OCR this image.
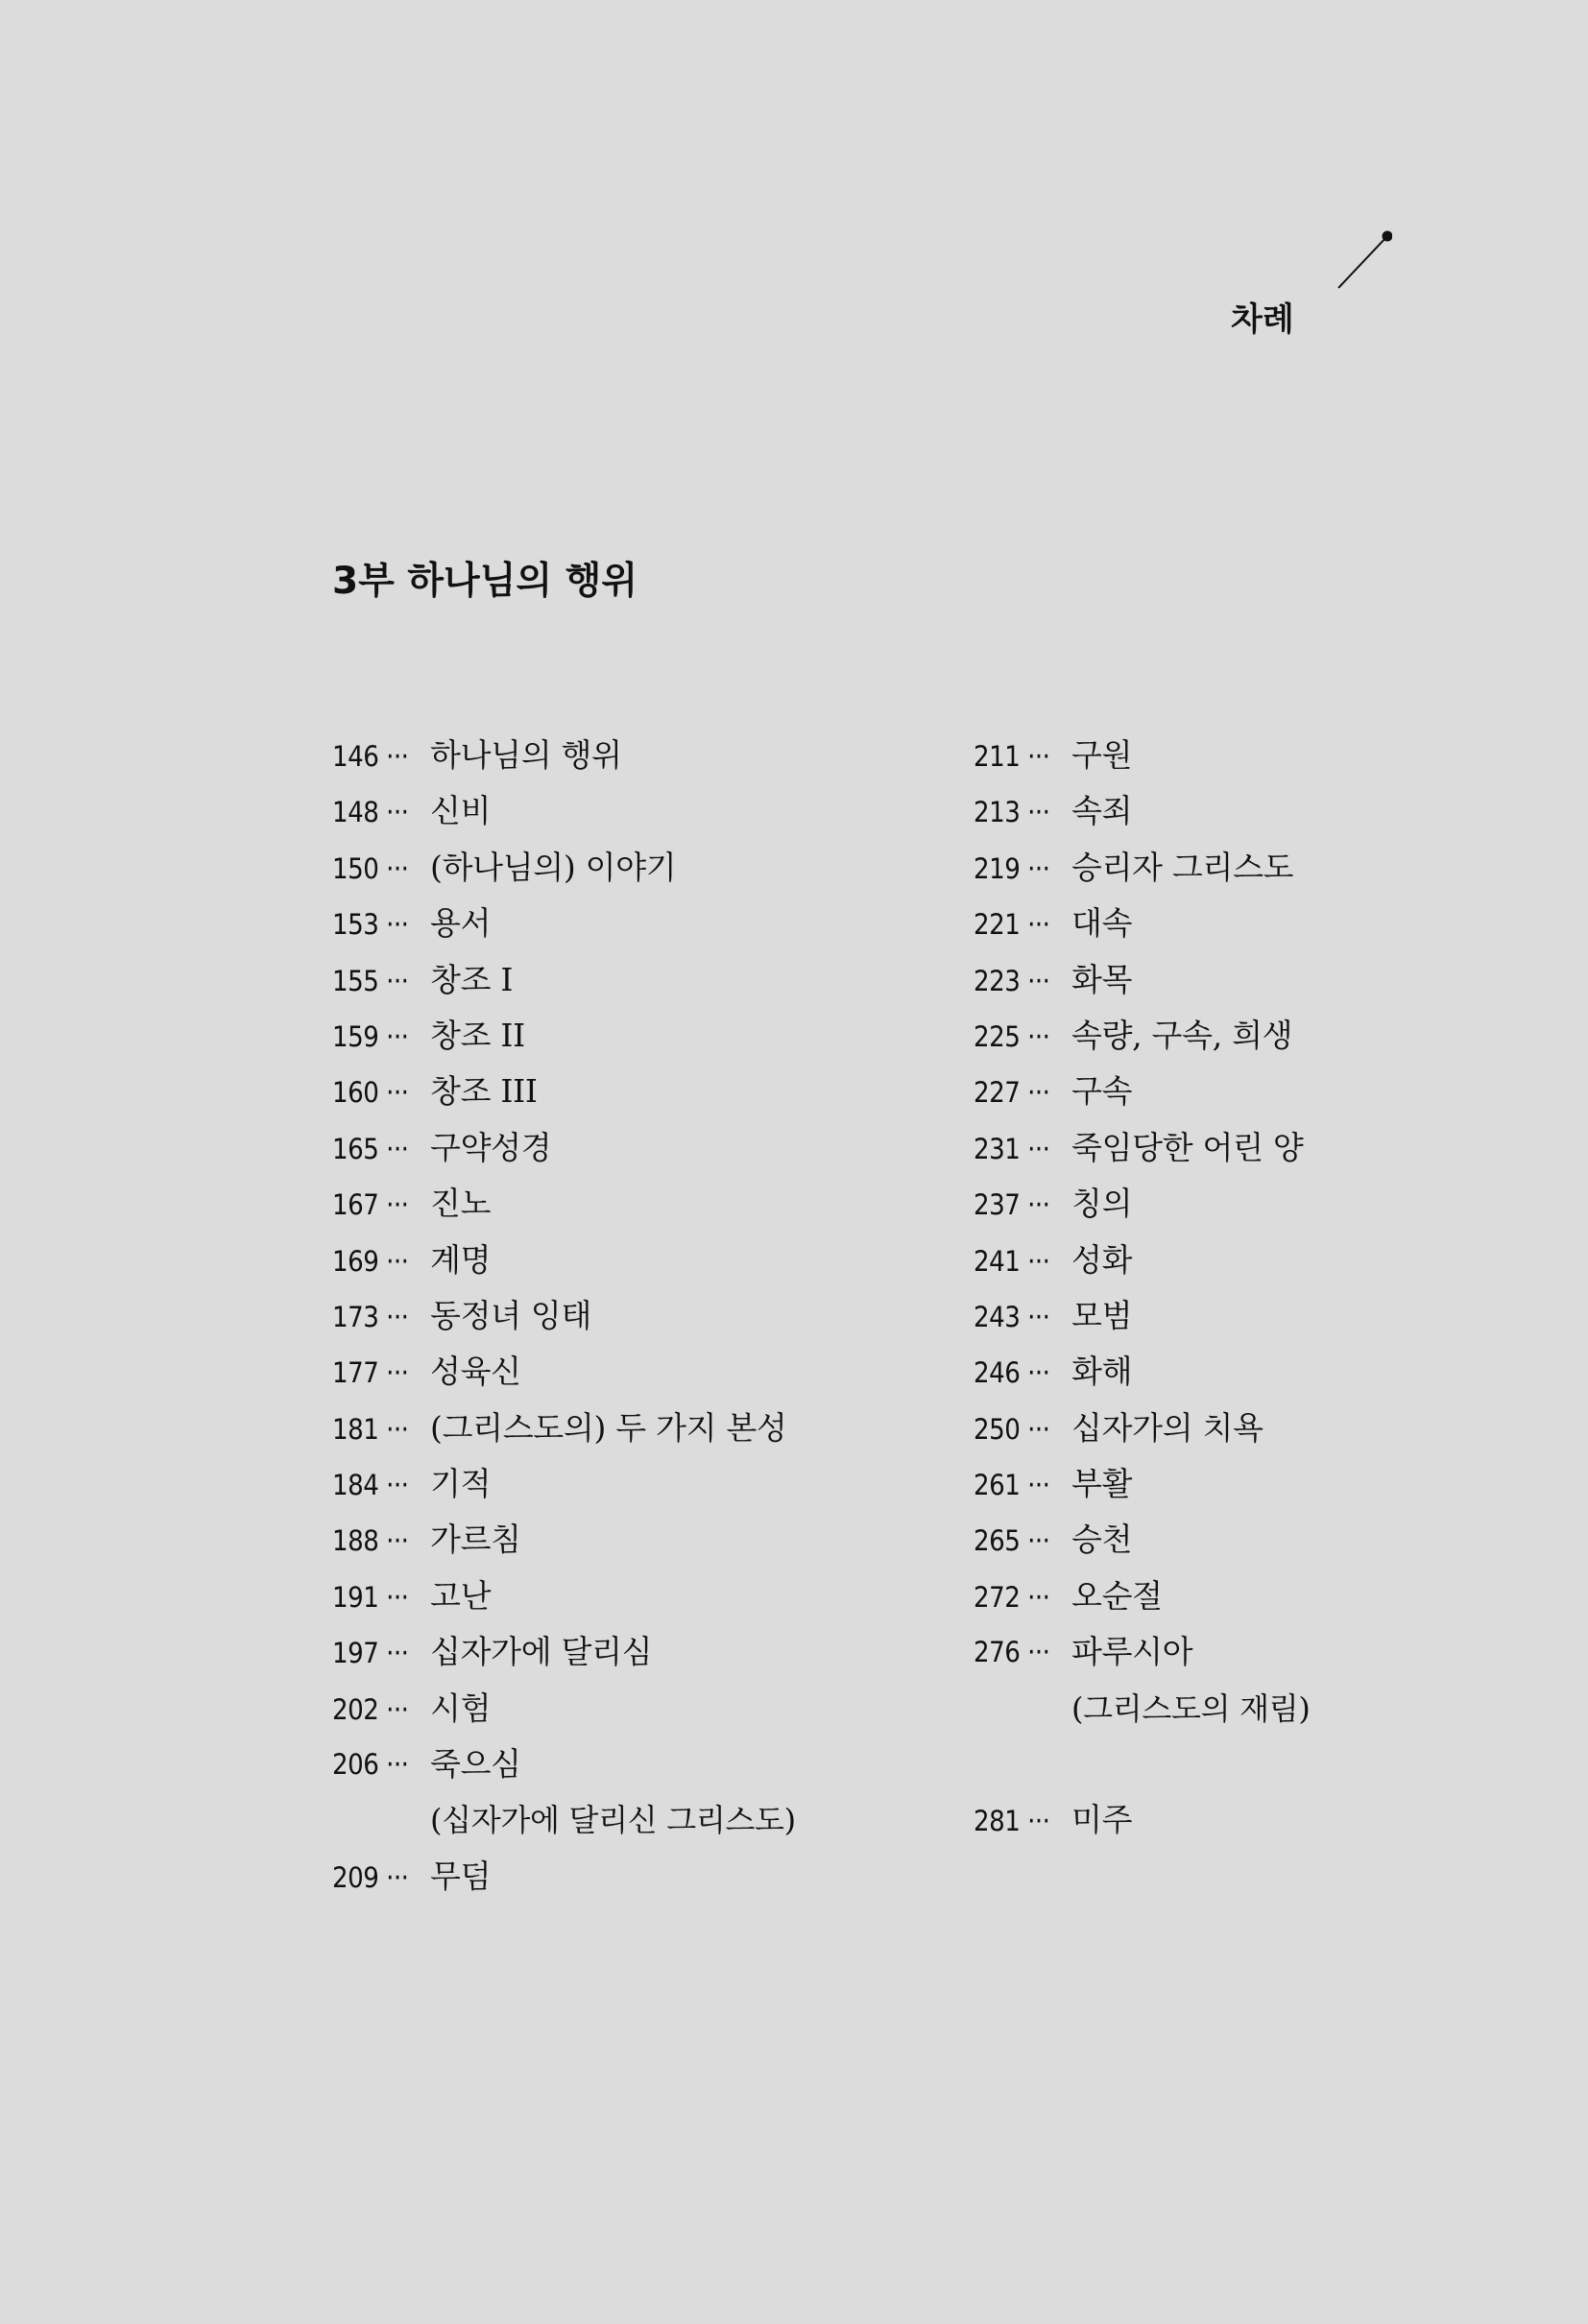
차례
3부 하나님의 행위
146 ··· 하나님의 행위
148 ··· 신비
150 ··· (하나님의) 이야기
153 ··· 용서
155 ··· 창조 I
159 ··· 창조 II
160 ··· 창조 III
165 ··· 구약성경
167 ··· 진노
169 ··· 계명
173 ··· 동정녀 잉태
177 ··· 성육신
181 ··· (그리스도의) 두 가지 본성
184 ··· 기적
188 ··· 가르침
191 ··· 고난
197 ··· 십자가에 달리심
202 ··· 시험
206 ··· 죽으심
(십자가에 달리신 그리스도)
209 ··· 무덤
211 ··· 구원
213 ··· 속죄
219 ··· 승리자 그리스도
221 ··· 대속
223 ··· 화목
225 ··· 속량, 구속, 희생
227 ··· 구속
231 ··· 죽임당한 어린 양
237 ··· 칭의
241 ··· 성화
243 ··· 모범
246 ··· 화해
250 ··· 십자가의 치욕
261 ··· 부활
265 ··· 승천
272 ··· 오순절
276 ··· 파루시아
(그리스도의 재림)
281 ··· 미주
